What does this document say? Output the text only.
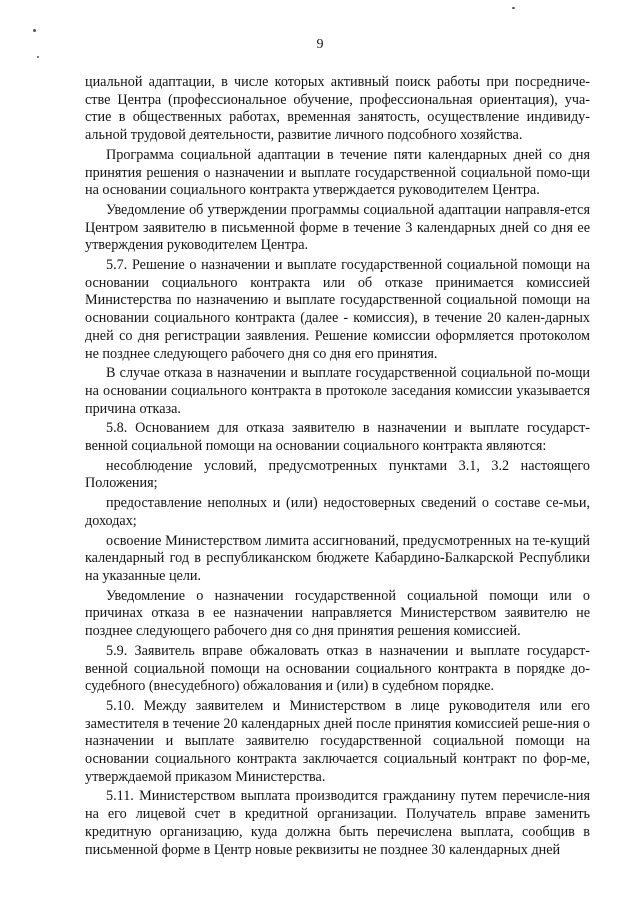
9

циальной адаптации, в числе которых активный поиск работы при посредниче-стве Центра (профессиональное обучение, профессиональная ориентация), уча-стие в общественных работах, временная занятость, осуществление индивиду-альной трудовой деятельности, развитие личного подсобного хозяйства.

Программа социальной адаптации в течение пяти календарных дней со дня принятия решения о назначении и выплате государственной социальной помо-щи на основании социального контракта утверждается руководителем Центра.

Уведомление об утверждении программы социальной адаптации направля-ется Центром заявителю в письменной форме в течение 3 календарных дней со дня ее утверждения руководителем Центра.

5.7. Решение о назначении и выплате государственной социальной помощи на основании социального контракта или об отказе принимается комиссией Министерства по назначению и выплате государственной социальной помощи на основании социального контракта (далее - комиссия), в течение 20 кален-дарных дней со дня регистрации заявления. Решение комиссии оформляется протоколом не позднее следующего рабочего дня со дня его принятия.

В случае отказа в назначении и выплате государственной социальной по-мощи на основании социального контракта в протоколе заседания комиссии указывается причина отказа.

5.8. Основанием для отказа заявителю в назначении и выплате государст-венной социальной помощи на основании социального контракта являются:

несоблюдение условий, предусмотренных пунктами 3.1, 3.2 настоящего Положения;

предоставление неполных и (или) недостоверных сведений о составе се-мьи, доходах;

освоение Министерством лимита ассигнований, предусмотренных на те-кущий календарный год в республиканском бюджете Кабардино-Балкарской Республики на указанные цели.

Уведомление о назначении государственной социальной помощи или о причинах отказа в ее назначении направляется Министерством заявителю не позднее следующего рабочего дня со дня принятия решения комиссией.

5.9. Заявитель вправе обжаловать отказ в назначении и выплате государст-венной социальной помощи на основании социального контракта в порядке до-судебного (внесудебного) обжалования и (или) в судебном порядке.

5.10. Между заявителем и Министерством в лице руководителя или его заместителя в течение 20 календарных дней после принятия комиссией реше-ния о назначении и выплате заявителю государственной социальной помощи на основании социального контракта заключается социальный контракт по фор-ме, утверждаемой приказом Министерства.

5.11. Министерством выплата производится гражданину путем перечисле-ния на его лицевой счет в кредитной организации. Получатель вправе заменить кредитную организацию, куда должна быть перечислена выплата, сообщив в письменной форме в Центр новые реквизиты не позднее 30 календарных дней
